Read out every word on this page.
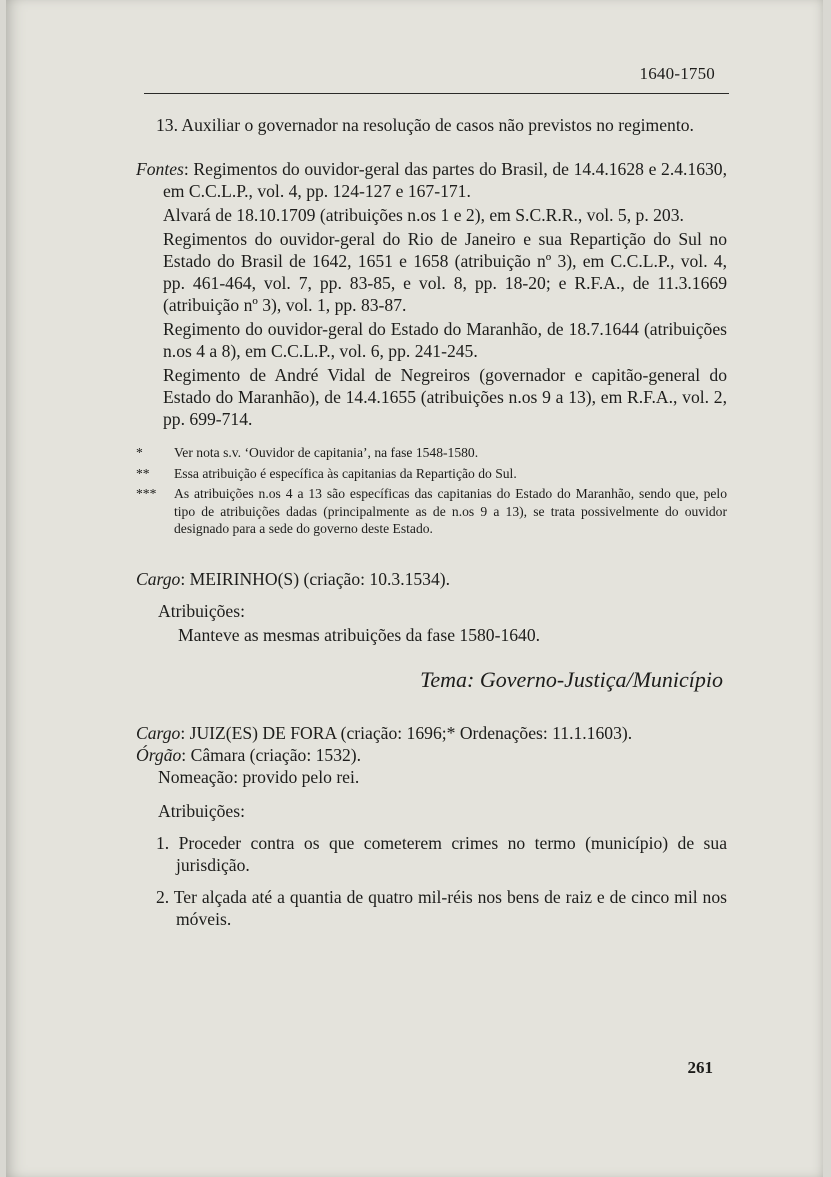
1640-1750

13. Auxiliar o governador na resolução de casos não previstos no regimento.

Fontes: Regimentos do ouvidor-geral das partes do Brasil, de 14.4.1628 e 2.4.1630, em C.C.L.P., vol. 4, pp. 124-127 e 167-171.

Alvará de 18.10.1709 (atribuições n.os 1 e 2), em S.C.R.R., vol. 5, p. 203.

Regimentos do ouvidor-geral do Rio de Janeiro e sua Repartição do Sul no Estado do Brasil de 1642, 1651 e 1658 (atribuição nº 3), em C.C.L.P., vol. 4, pp. 461-464, vol. 7, pp. 83-85, e vol. 8, pp. 18-20; e R.F.A., de 11.3.1669 (atribuição nº 3), vol. 1, pp. 83-87.

Regimento do ouvidor-geral do Estado do Maranhão, de 18.7.1644 (atribuições n.os 4 a 8), em C.C.L.P., vol. 6, pp. 241-245.

Regimento de André Vidal de Negreiros (governador e capitão-general do Estado do Maranhão), de 14.4.1655 (atribuições n.os 9 a 13), em R.F.A., vol. 2, pp. 699-714.

* Ver nota s.v. ‘Ouvidor de capitania’, na fase 1548-1580.

** Essa atribuição é específica às capitanias da Repartição do Sul.

*** As atribuições n.os 4 a 13 são específicas das capitanias do Estado do Maranhão, sendo que, pelo tipo de atribuições dadas (principalmente as de n.os 9 a 13), se trata possivelmente do ouvidor designado para a sede do governo deste Estado.

Cargo: MEIRINHO(S) (criação: 10.3.1534).

Atribuições:

Manteve as mesmas atribuições da fase 1580-1640.

Tema: Governo-Justiça/Município

Cargo: JUIZ(ES) DE FORA (criação: 1696;* Ordenações: 11.1.1603).

Órgão: Câmara (criação: 1532).

Nomeação: provido pelo rei.

Atribuições:

1. Proceder contra os que cometerem crimes no termo (município) de sua jurisdição.

2. Ter alçada até a quantia de quatro mil-réis nos bens de raiz e de cinco mil nos móveis.

261
